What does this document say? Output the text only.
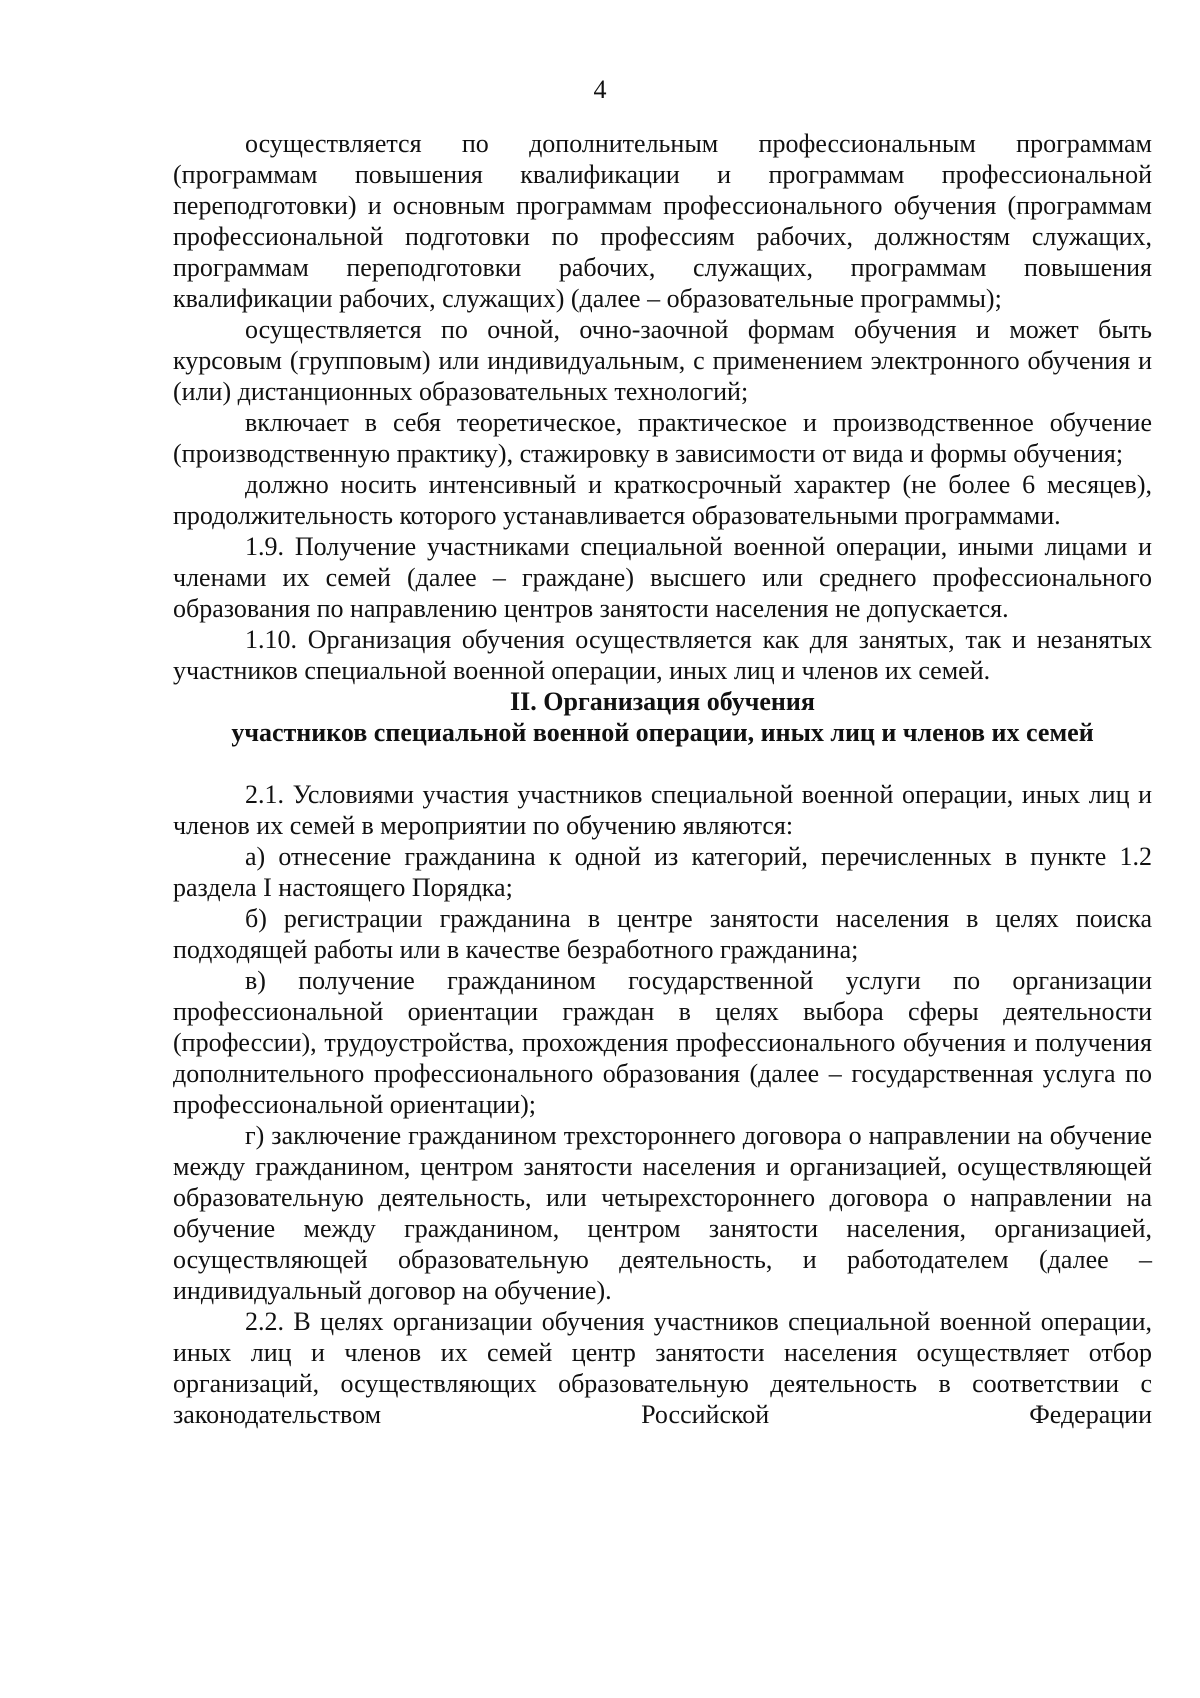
4

осуществляется по дополнительным профессиональным программам (программам повышения квалификации и программам профессиональной переподготовки) и основным программам профессионального обучения (программам профессиональной подготовки по профессиям рабочих, должностям служащих, программам переподготовки рабочих, служащих, программам повышения квалификации рабочих, служащих) (далее – образовательные программы);

осуществляется по очной, очно-заочной формам обучения и может быть курсовым (групповым) или индивидуальным, с применением электронного обучения и (или) дистанционных образовательных технологий;

включает в себя теоретическое, практическое и производственное обучение (производственную практику), стажировку в зависимости от вида и формы обучения;

должно носить интенсивный и краткосрочный характер (не более 6 месяцев), продолжительность которого устанавливается образовательными программами.

1.9. Получение участниками специальной военной операции, иными лицами и членами их семей (далее – граждане) высшего или среднего профессионального образования по направлению центров занятости населения не допускается.

1.10. Организация обучения осуществляется как для занятых, так и незанятых участников специальной военной операции, иных лиц и членов их семей.

II. Организация обучения

участников специальной военной операции, иных лиц и членов их семей

2.1. Условиями участия участников специальной военной операции, иных лиц и членов их семей в мероприятии по обучению являются:

а) отнесение гражданина к одной из категорий, перечисленных в пункте 1.2 раздела I настоящего Порядка;

б) регистрации гражданина в центре занятости населения в целях поиска подходящей работы или в качестве безработного гражданина;

в) получение гражданином государственной услуги по организации профессиональной ориентации граждан в целях выбора сферы деятельности (профессии), трудоустройства, прохождения профессионального обучения и получения дополнительного профессионального образования (далее – государственная услуга по профессиональной ориентации);

г) заключение гражданином трехстороннего договора о направлении на обучение между гражданином, центром занятости населения и организацией, осуществляющей образовательную деятельность, или четырехстороннего договора о направлении на обучение между гражданином, центром занятости населения, организацией, осуществляющей образовательную деятельность, и работодателем (далее – индивидуальный договор на обучение).

2.2. В целях организации обучения участников специальной военной операции, иных лиц и членов их семей центр занятости населения осуществляет отбор организаций, осуществляющих образовательную деятельность в соответствии с законодательством Российской Федерации
